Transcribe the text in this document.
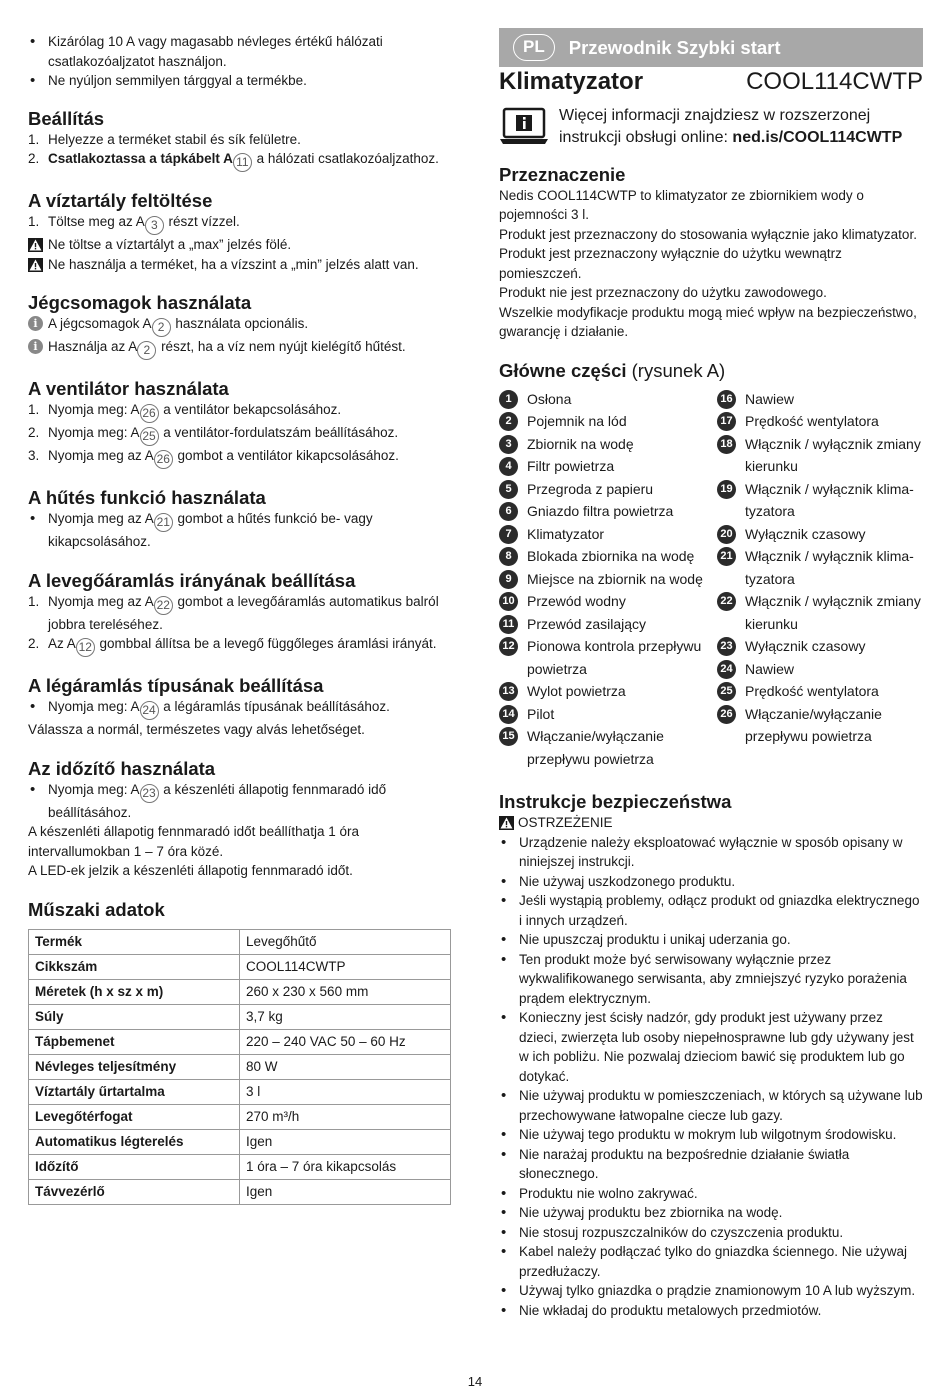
• Kizárólag 10 A vagy magasabb névleges értékű hálózati csatlakozóaljzatot használjon.
• Ne nyúljon semmilyen tárggyal a termékbe.
Beállítás
1. Helyezze a terméket stabil és sík felületre.
2. Csatlakoztassa a tápkábelt A 11 a hálózati csatlakozóaljzathoz.
A víztartály feltöltése
1. Töltse meg az A 3 részt vízzel.
Ne töltse a víztartályt a „max” jelzés fölé.
Ne használja a terméket, ha a vízszint a „min” jelzés alatt van.
Jégcsomagok használata
i A jégcsomagok A 2 használata opcionális.
i Használja az A 2 részt, ha a víz nem nyújt kielégítő hűtést.
A ventilátor használata
1. Nyomja meg: A 26 a ventilátor bekapcsolásához.
2. Nyomja meg: A 25 a ventilátor-fordulatszám beállításához.
3. Nyomja meg az A 26 gombot a ventilátor kikapcsolásához.
A hűtés funkció használata
• Nyomja meg az A 21 gombot a hűtés funkció be- vagy kikapcsolásához.
A levegőáramlás irányának beállítása
1. Nyomja meg az A 22 gombot a levegőáramlás automatikus balról jobbra tereléséhez.
2. Az A 12 gombbal állítsa be a levegő függőleges áramlási irányát.
A légáramlás típusának beállítása
• Nyomja meg: A 24 a légáramlás típusának beállításához.
Válassza a normál, természetes vagy alvás lehetőséget.
Az időzítő használata
• Nyomja meg: A 23 a készenléti állapotig fennmaradó idő beállításához.
A készenléti állapotig fennmaradó időt beállíthatja 1 óra intervallumokban 1 – 7 óra közé.
A LED-ek jelzik a készenléti állapotig fennmaradó időt.
Műszaki adatok
Termék	Levegőhűtő
Cikkszám	COOL114CWTP
Méretek (h x sz x m)	260 x 230 x 560 mm
Súly	3,7 kg
Tápbemenet	220 – 240 VAC 50 – 60 Hz
Névleges teljesítmény	80 W
Víztartály űrtartalma	3 l
Levegőtérfogat	270 m³/h
Automatikus légterelés	Igen
Időzítő	1 óra – 7 óra kikapcsolás
Távvezérlő	Igen
PL	Przewodnik Szybki start
Klimatyzator	COOL114CWTP
Więcej informacji znajdziesz w rozszerzonej instrukcji obsługi online: ned.is/COOL114CWTP
Przeznaczenie
Nedis COOL114CWTP to klimatyzator ze zbiornikiem wody o pojemności 3 l.
Produkt jest przeznaczony do stosowania wyłącznie jako klimatyzator.
Produkt jest przeznaczony wyłącznie do użytku wewnątrz pomieszczeń.
Produkt nie jest przeznaczony do użytku zawodowego.
Wszelkie modyfikacje produktu mogą mieć wpływ na bezpieczeństwo, gwarancję i działanie.
Główne części (rysunek A)
1	Osłona
2	Pojemnik na lód
3	Zbiornik na wodę
4	Filtr powietrza
5	Przegroda z papieru
6	Gniazdo filtra powietrza
7	Klimatyzator
8	Blokada zbiornika na wodę
9	Miejsce na zbiornik na wodę
10 Przewód wodny
11 Przewód zasilający
12 Pionowa kontrola przepływu powietrza
13 Wylot powietrza
14 Pilot
15 Włączanie/wyłączanie przepływu powietrza
16 Nawiew
17 Prędkość wentylatora
18 Włącznik / wyłącznik zmiany kierunku
19 Włącznik / wyłącznik klima-tyzatora
20 Wyłącznik czasowy
21 Włącznik / wyłącznik klima-tyzatora
22 Włącznik / wyłącznik zmiany kierunku
23 Wyłącznik czasowy
24 Nawiew
25 Prędkość wentylatora
26 Włączanie/wyłączanie przepływu powietrza
Instrukcje bezpieczeństwa
OSTRZEŻENIE
• Urządzenie należy eksploatować wyłącznie w sposób opisany w niniejszej instrukcji.
• Nie używaj uszkodzonego produktu.
• Jeśli wystąpią problemy, odłącz produkt od gniazdka elektrycznego i innych urządzeń.
• Nie upuszczaj produktu i unikaj uderzania go.
• Ten produkt może być serwisowany wyłącznie przez wykwalifikowanego serwisanta, aby zmniejszyć ryzyko porażenia prądem elektrycznym.
• Konieczny jest ścisły nadzór, gdy produkt jest używany przez dzieci, zwierzęta lub osoby niepełnosprawne lub gdy używany jest w ich pobliżu. Nie pozwalaj dzieciom bawić się produktem lub go dotykać.
• Nie używaj produktu w pomieszczeniach, w których są używane lub przechowywane łatwopalne ciecze lub gazy.
• Nie używaj tego produktu w mokrym lub wilgotnym środowisku.
• Nie narażaj produktu na bezpośrednie działanie światła słonecznego.
• Produktu nie wolno zakrywać.
• Nie używaj produktu bez zbiornika na wodę.
• Nie stosuj rozpuszczalników do czyszczenia produktu.
• Kabel należy podłączać tylko do gniazdka ściennego. Nie używaj przedłużaczy.
• Używaj tylko gniazdka o prądzie znamionowym 10 A lub wyższym.
• Nie wkładaj do produktu metalowych przedmiotów.
14
